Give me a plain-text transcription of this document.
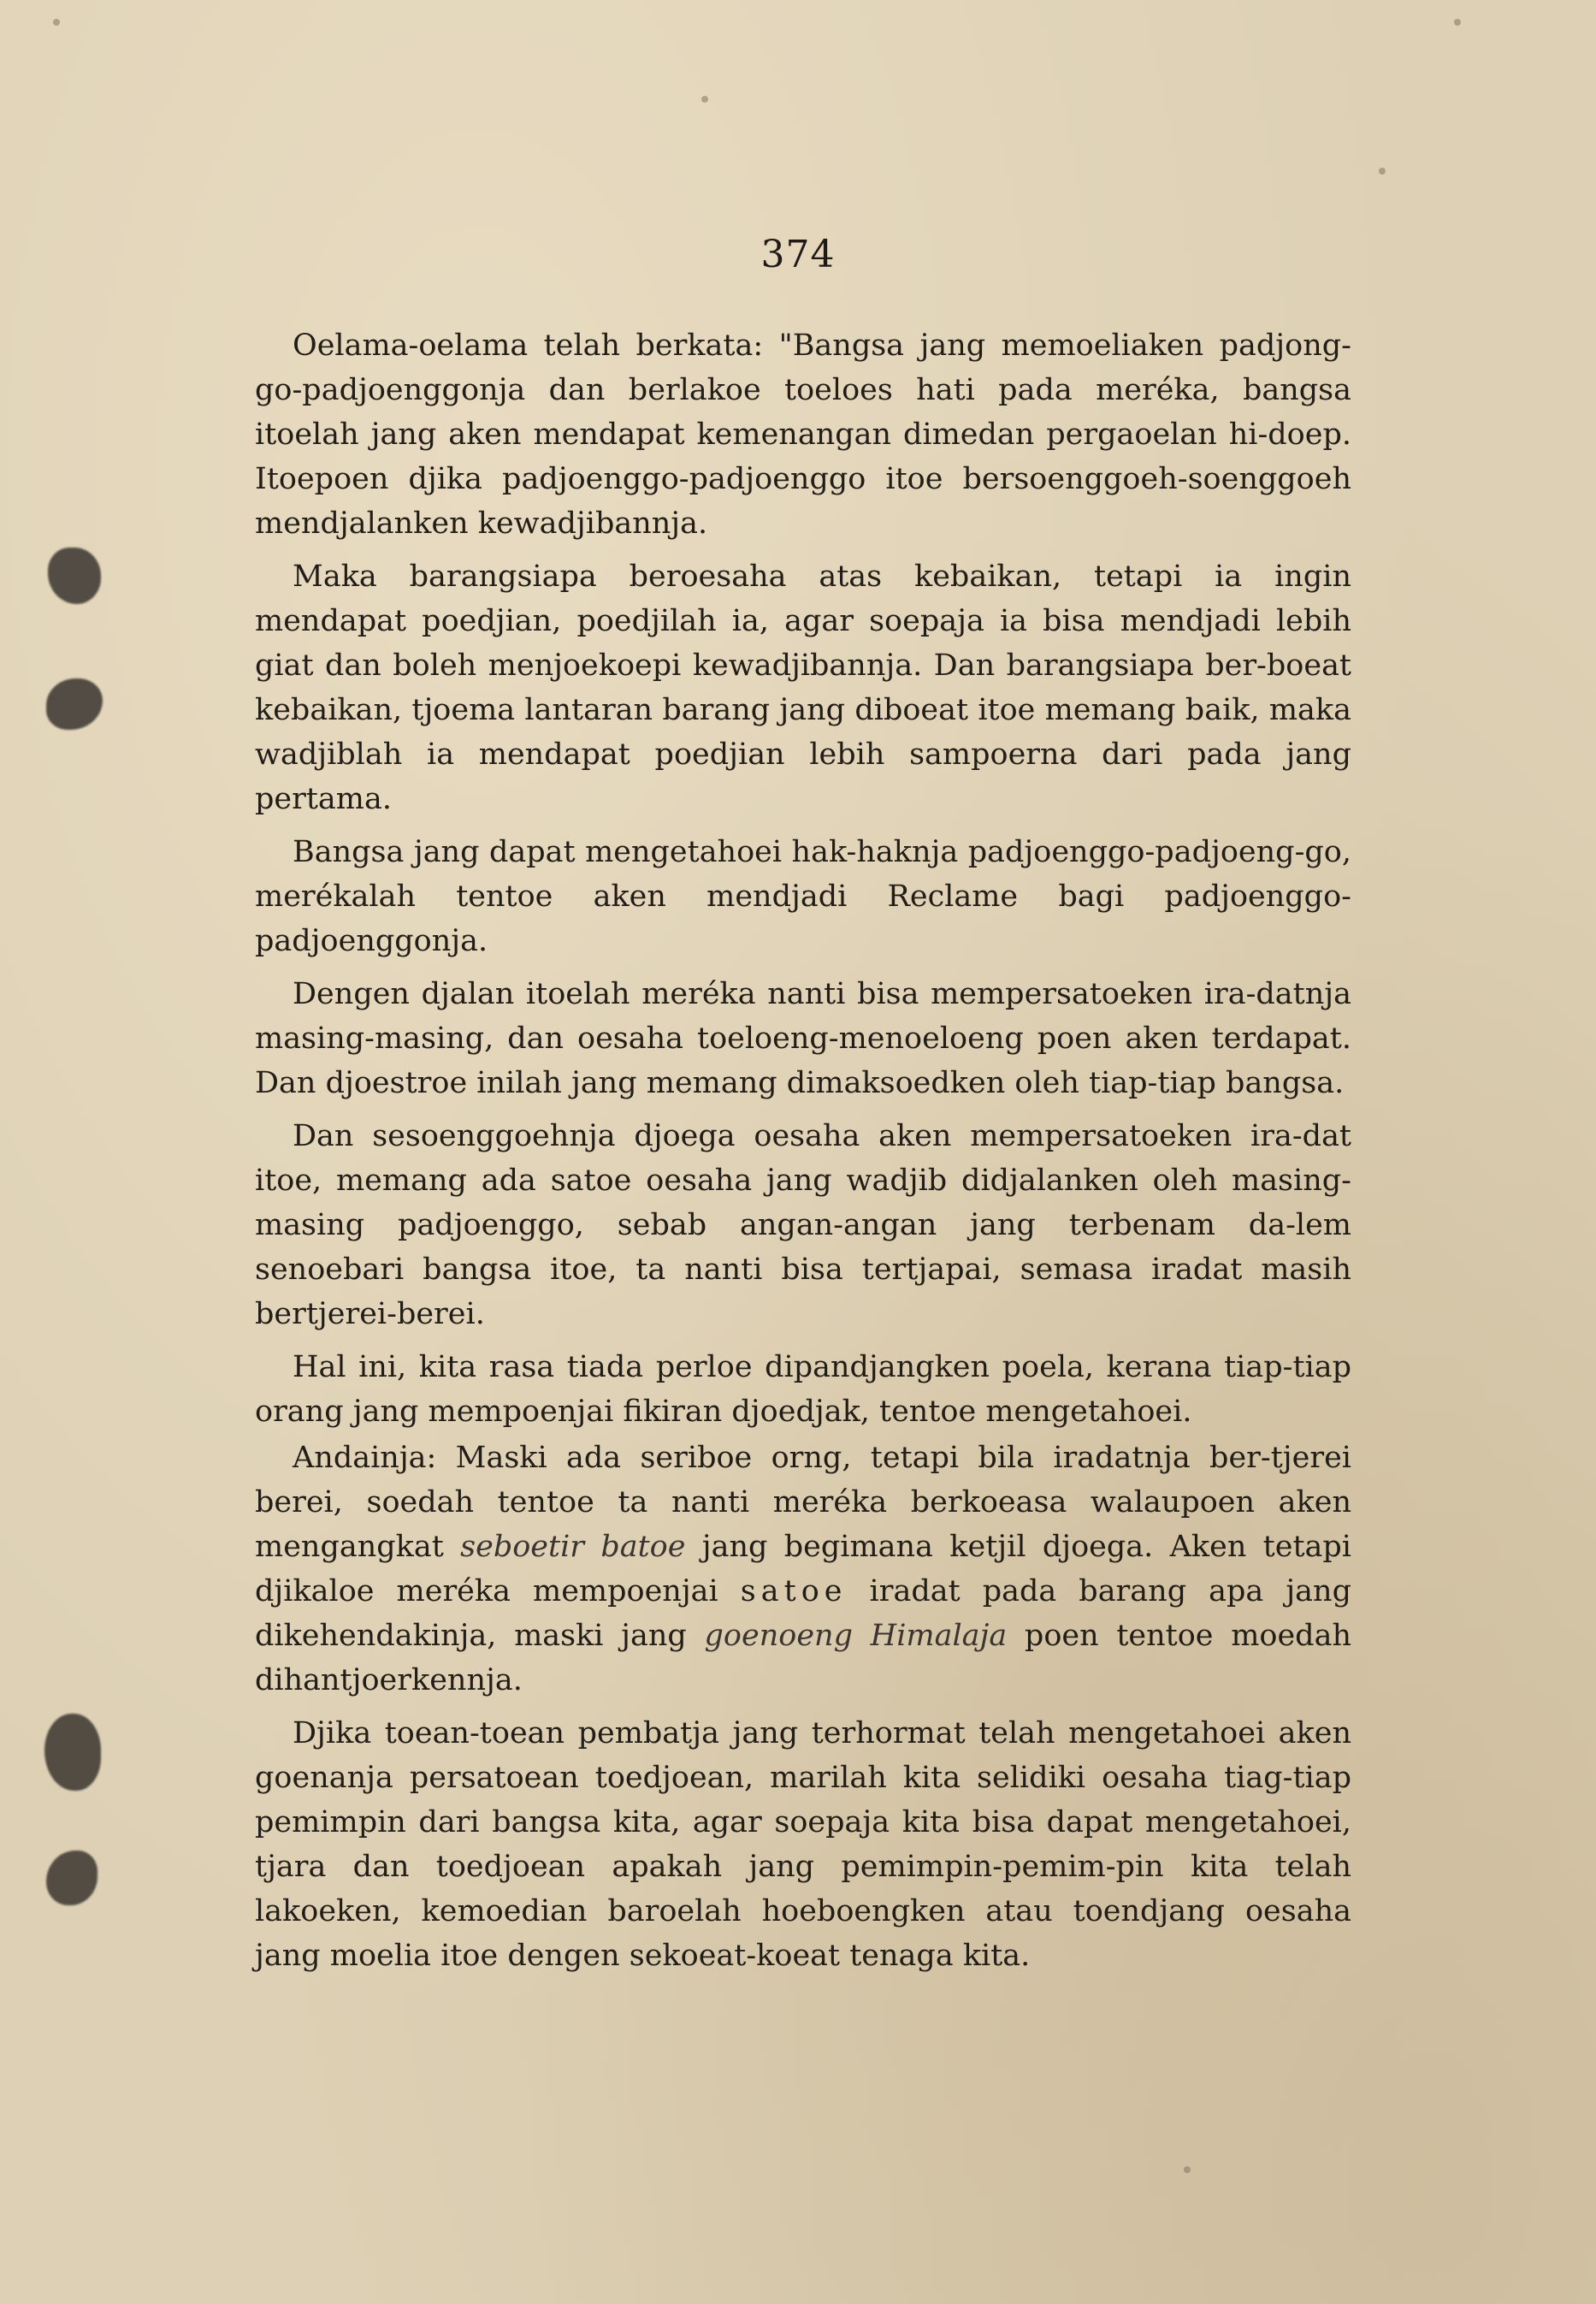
374

Oelama-oelama telah berkata: "Bangsa jang memoeliaken padjong-go-padjoenggonja dan berlakoe toeloes hati pada meréka, bangsa itoelah jang aken mendapat kemenangan dimedan pergaoelan hi-doep. Itoepoen djika padjoenggo-padjoenggo itoe bersoenggoeh-soenggoeh mendjalanken kewadjibannja.

Maka barangsiapa beroesaha atas kebaikan, tetapi ia ingin mendapat poedjian, poedjilah ia, agar soepaja ia bisa mendjadi lebih giat dan boleh menjoekoepi kewadjibannja. Dan barangsiapa ber-boeat kebaikan, tjoema lantaran barang jang diboeat itoe memang baik, maka wadjiblah ia mendapat poedjian lebih sampoerna dari pada jang pertama.

Bangsa jang dapat mengetahoei hak-haknja padjoenggo-padjoeng-go, merékalah tentoe aken mendjadi Reclame bagi padjoenggo-padjoenggonja.

Dengen djalan itoelah meréka nanti bisa mempersatoeken ira-datnja masing-masing, dan oesaha toeloeng-menoeloeng poen aken terdapat. Dan djoestroe inilah jang memang dimaksoedken oleh tiap-tiap bangsa.

Dan sesoenggoehnja djoega oesaha aken mempersatoeken ira-dat itoe, memang ada satoe oesaha jang wadjib didjalanken oleh masing-masing padjoenggo, sebab angan-angan jang terbenam da-lem senoebari bangsa itoe, ta nanti bisa tertjapai, semasa iradat masih bertjerei-berei.

Hal ini, kita rasa tiada perloe dipandjangken poela, kerana tiap-tiap orang jang mempoenjai fikiran djoedjak, tentoe mengetahoei.

Andainja: Maski ada seriboe orng, tetapi bila iradatnja ber-tjerei berei, soedah tentoe ta nanti meréka berkoeasa walaupoen aken mengangkat seboetir batoe jang begimana ketjil djoega. Aken tetapi djikaloe meréka mempoenjai satoe iradat pada barang apa jang dikehendakinja, maski jang goenoeng Himalaja poen tentoe moedah dihantjoerkennja.

Djika toean-toean pembatja jang terhormat telah mengetahoei aken goenanja persatoean toedjoean, marilah kita selidiki oesaha tiag-tiap pemimpin dari bangsa kita, agar soepaja kita bisa dapat mengetahoei, tjara dan toedjoean apakah jang pemimpin-pemim-pin kita telah lakoeken, kemoedian baroelah hoeboengken atau toendjang oesaha jang moelia itoe dengen sekoeat-koeat tenaga kita.
